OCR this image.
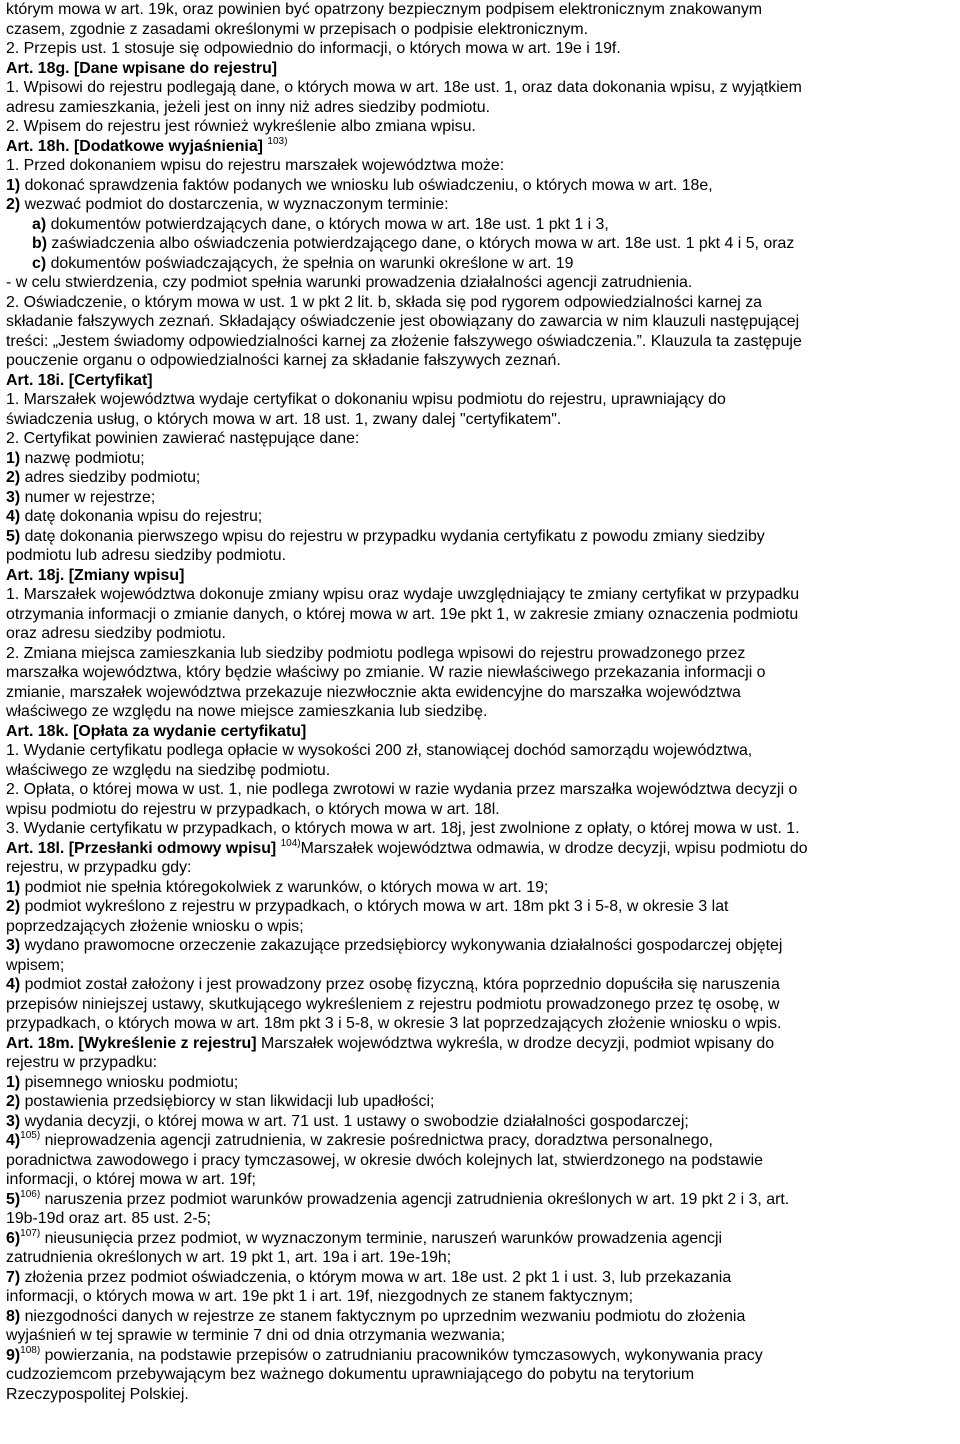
którym mowa w art. 19k, oraz powinien być opatrzony bezpiecznym podpisem elektronicznym znakowanym
czasem, zgodnie z zasadami określonymi w przepisach o podpisie elektronicznym.
2. Przepis ust. 1 stosuje się odpowiednio do informacji, o których mowa w art. 19e i 19f.
Art. 18g. [Dane wpisane do rejestru]
1. Wpisowi do rejestru podlegają dane, o których mowa w art. 18e ust. 1, oraz data dokonania wpisu, z wyjątkiem
adresu zamieszkania, jeżeli jest on inny niż adres siedziby podmiotu.
2. Wpisem do rejestru jest również wykreślenie albo zmiana wpisu.
Art. 18h. [Dodatkowe wyjaśnienia] $^{103)}$
1. Przed dokonaniem wpisu do rejestru marszałek województwa może:
1) dokonać sprawdzenia faktów podanych we wniosku lub oświadczeniu, o których mowa w art. 18e,
2) wezwać podmiot do dostarczenia, w wyznaczonym terminie:
a) dokumentów potwierdzających dane, o których mowa w art. 18e ust. 1 pkt 1 i 3,
b) zaświadczenia albo oświadczenia potwierdzającego dane, o których mowa w art. 18e ust. 1 pkt 4 i 5, oraz
c) dokumentów poświadczających, że spełnia on warunki określone w art. 19
- w celu stwierdzenia, czy podmiot spełnia warunki prowadzenia działalności agencji zatrudnienia.
2. Oświadczenie, o którym mowa w ust. 1 w pkt 2 lit. b, składa się pod rygorem odpowiedzialności karnej za
składanie fałszywych zeznań. Składający oświadczenie jest obowiązany do zawarcia w nim klauzuli następującej
treści: „Jestem świadomy odpowiedzialności karnej za złożenie fałszywego oświadczenia.”. Klauzula ta zastępuje
pouczenie organu o odpowiedzialności karnej za składanie fałszywych zeznań.
Art. 18i. [Certyfikat]
1. Marszałek województwa wydaje certyfikat o dokonaniu wpisu podmiotu do rejestru, uprawniający do
świadczenia usług, o których mowa w art. 18 ust. 1, zwany dalej "certyfikatem".
2. Certyfikat powinien zawierać następujące dane:
1) nazwę podmiotu;
2) adres siedziby podmiotu;
3) numer w rejestrze;
4) datę dokonania wpisu do rejestru;
5) datę dokonania pierwszego wpisu do rejestru w przypadku wydania certyfikatu z powodu zmiany siedziby
podmiotu lub adresu siedziby podmiotu.
Art. 18j. [Zmiany wpisu]
1. Marszałek województwa dokonuje zmiany wpisu oraz wydaje uwzględniający te zmiany certyfikat w przypadku
otrzymania informacji o zmianie danych, o której mowa w art. 19e pkt 1, w zakresie zmiany oznaczenia podmiotu
oraz adresu siedziby podmiotu.
2. Zmiana miejsca zamieszkania lub siedziby podmiotu podlega wpisowi do rejestru prowadzonego przez
marszałka województwa, który będzie właściwy po zmianie. W razie niewłaściwego przekazania informacji o
zmianie, marszałek województwa przekazuje niezwłocznie akta ewidencyjne do marszałka województwa
właściwego ze względu na nowe miejsce zamieszkania lub siedzibę.
Art. 18k. [Opłata za wydanie certyfikatu]
1. Wydanie certyfikatu podlega opłacie w wysokości 200 zł, stanowiącej dochód samorządu województwa,
właściwego ze względu na siedzibę podmiotu.
2. Opłata, o której mowa w ust. 1, nie podlega zwrotowi w razie wydania przez marszałka województwa decyzji o
wpisu podmiotu do rejestru w przypadkach, o których mowa w art. 18l.
3. Wydanie certyfikatu w przypadkach, o których mowa w art. 18j, jest zwolnione z opłaty, o której mowa w ust. 1.
Art. 18l. [Przesłanki odmowy wpisu] $^{104)}$Marszałek województwa odmawia, w drodze decyzji, wpisu podmiotu do
rejestru, w przypadku gdy:
1) podmiot nie spełnia któregokolwiek z warunków, o których mowa w art. 19;
2) podmiot wykreślono z rejestru w przypadkach, o których mowa w art. 18m pkt 3 i 5-8, w okresie 3 lat
poprzedzających złożenie wniosku o wpis;
3) wydano prawomocne orzeczenie zakazujące przedsiębiorcy wykonywania działalności gospodarczej objętej
wpisem;
4) podmiot został założony i jest prowadzony przez osobę fizyczną, która poprzednio dopuściła się naruszenia
przepisów niniejszej ustawy, skutkującego wykreśleniem z rejestru podmiotu prowadzonego przez tę osobę, w
przypadkach, o których mowa w art. 18m pkt 3 i 5-8, w okresie 3 lat poprzedzających złożenie wniosku o wpis.
Art. 18m. [Wykreślenie z rejestru] Marszałek województwa wykreśla, w drodze decyzji, podmiot wpisany do
rejestru w przypadku:
1) pisemnego wniosku podmiotu;
2) postawienia przedsiębiorcy w stan likwidacji lub upadłości;
3) wydania decyzji, o której mowa w art. 71 ust. 1 ustawy o swobodzie działalności gospodarczej;
4)$^{105)}$ nieprowadzenia agencji zatrudnienia, w zakresie pośrednictwa pracy, doradztwa personalnego,
poradnictwa zawodowego i pracy tymczasowej, w okresie dwóch kolejnych lat, stwierdzonego na podstawie
informacji, o której mowa w art. 19f;
5)$^{106)}$ naruszenia przez podmiot warunków prowadzenia agencji zatrudnienia określonych w art. 19 pkt 2 i 3, art.
19b-19d oraz art. 85 ust. 2-5;
6)$^{107)}$ nieusunięcia przez podmiot, w wyznaczonym terminie, naruszeń warunków prowadzenia agencji
zatrudnienia określonych w art. 19 pkt 1, art. 19a i art. 19e-19h;
7) złożenia przez podmiot oświadczenia, o którym mowa w art. 18e ust. 2 pkt 1 i ust. 3, lub przekazania
informacji, o których mowa w art. 19e pkt 1 i art. 19f, niezgodnych ze stanem faktycznym;
8) niezgodności danych w rejestrze ze stanem faktycznym po uprzednim wezwaniu podmiotu do złożenia
wyjaśnień w tej sprawie w terminie 7 dni od dnia otrzymania wezwania;
9)$^{108)}$ powierzania, na podstawie przepisów o zatrudnianiu pracowników tymczasowych, wykonywania pracy
cudzoziemcom przebywającym bez ważnego dokumentu uprawniającego do pobytu na terytorium
Rzeczypospolitej Polskiej.
